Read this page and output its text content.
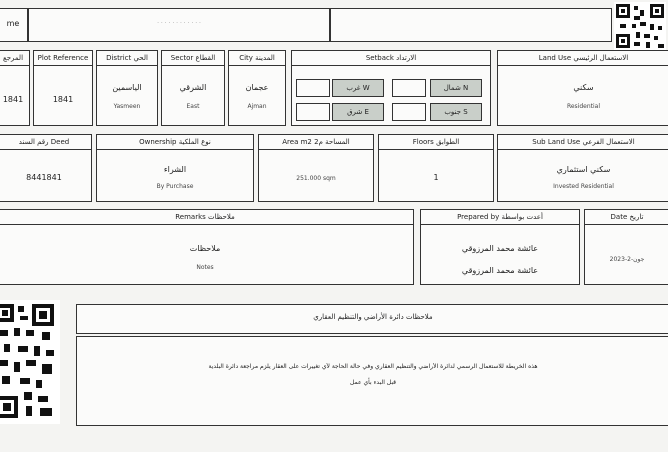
me	· · · · · · · · · · · ·
المرجع
1841
Plot Reference
1841
District الحي
الياسمين
Yasmeen
Sector القطاع
الشرقي
East
City المدينة
عجمان
Ajman
Setback الارتداد
غرب W	شمال N
شرق E	جنوب S
Land Use الاستعمال الرئيسي
سكني
Residential
رقم السند Deed
8441841
Ownership نوع الملكية
الشراء
By Purchase
Area m2 المساحة م2
251.000 sqm
Floors الطوابق
1
Sub Land Use الاستعمال الفرعي
سكني استثماري
Invested Residential
Remarks ملاحظات
ملاحظات
Notes
Prepared by أعدت بواسطة
عائشة محمد المرزوقي
عائشة محمد المرزوقي
Date تاريخ
2023-جون-2
ملاحظات دائرة الأراضي والتنظيم العقاري
هذه الخريطة للاستعمال الرسمي لدائرة الأراضي والتنظيم العقاري وفي حالة الحاجة لأي تغييرات على العقار يلزم مراجعة دائرة البلدية
قبل البدء بأي عمل
